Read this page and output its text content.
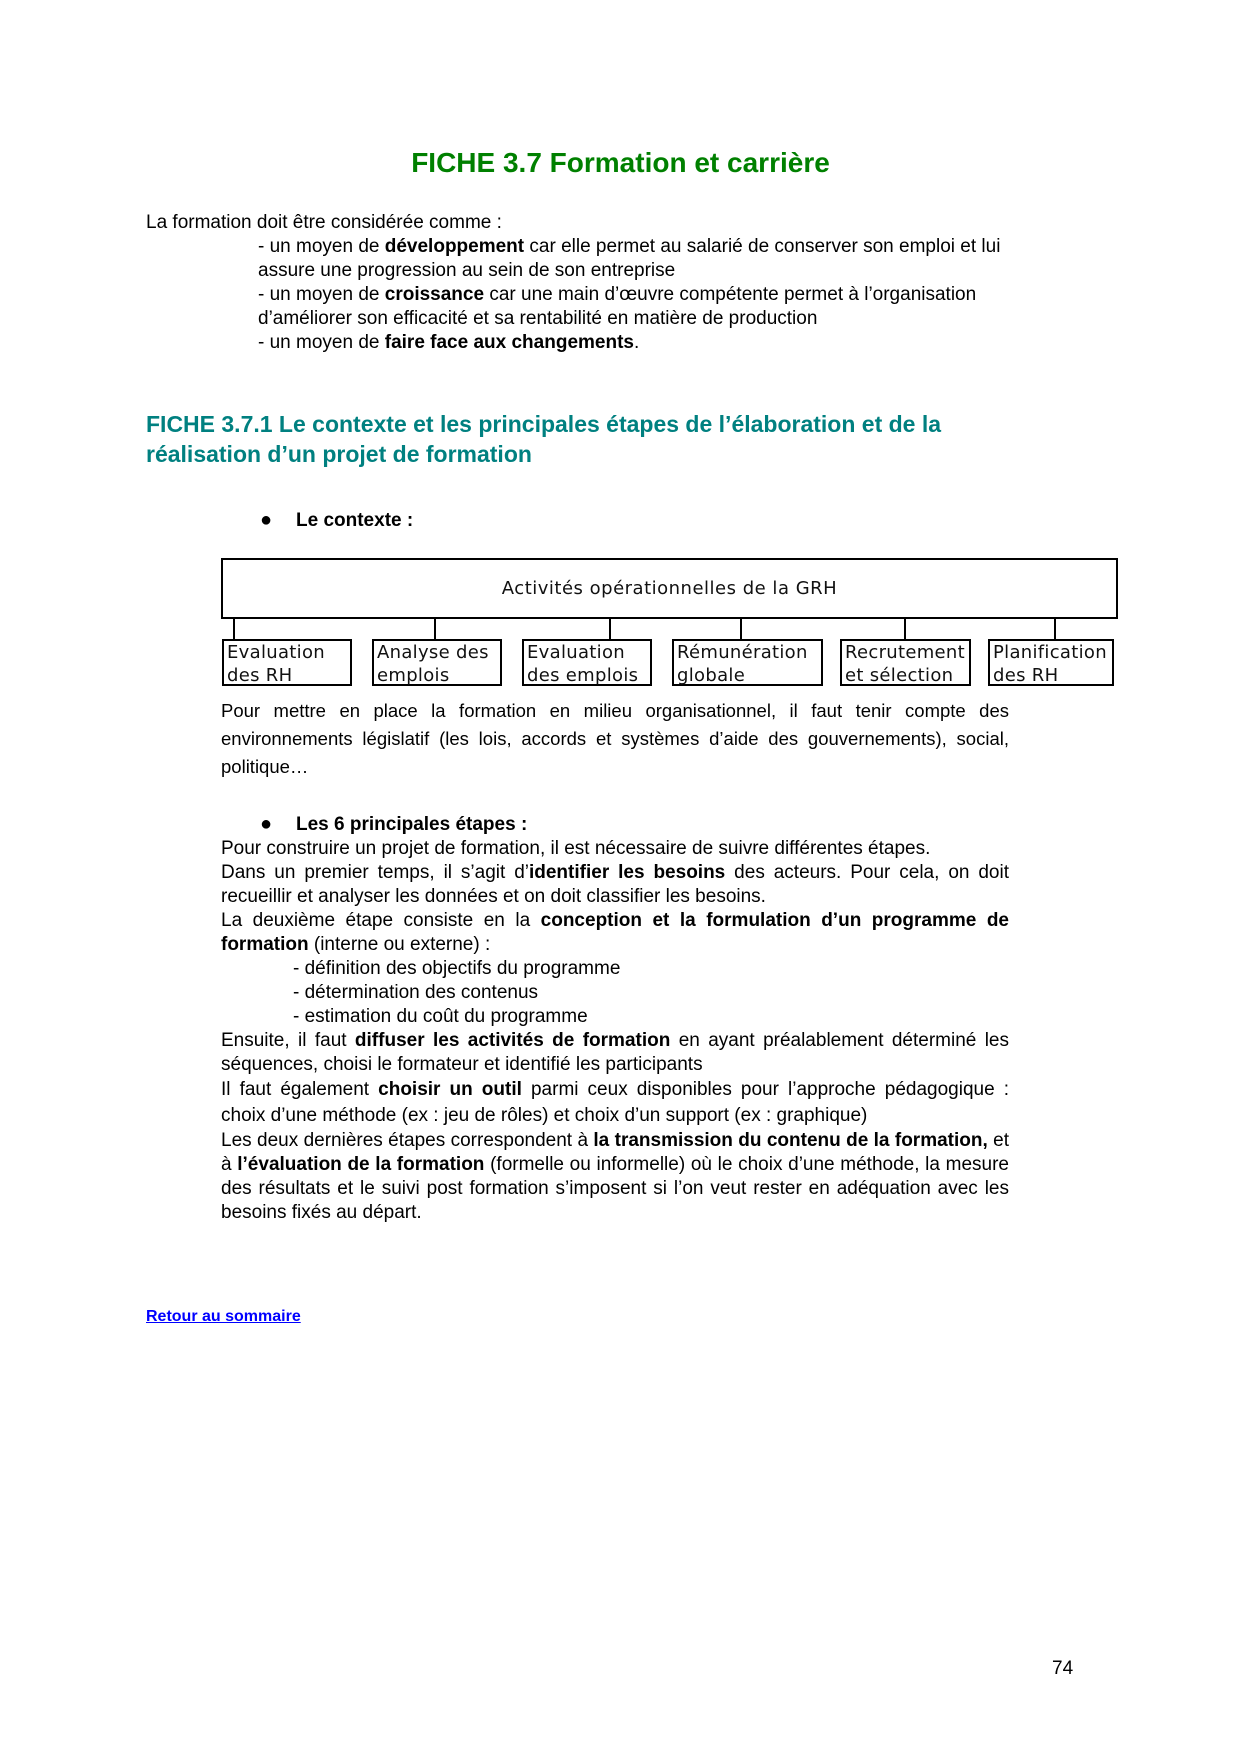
FICHE 3.7 Formation et carrière
La formation doit être considérée comme :

- un moyen de développement car elle permet au salarié de conserver son emploi et lui assure une progression au sein de son entreprise

- un moyen de croissance car une main d’œuvre compétente permet à l’organisation d’améliorer son efficacité et sa rentabilité en matière de production

- un moyen de faire face aux changements.

FICHE 3.7.1 Le contexte et les principales étapes de l’élaboration et de la réalisation d’un projet de formation
● Le contexte :
Activités opérationnelles de la GRH
Evaluation
des RH
Analyse des
emplois
Evaluation
des emplois
Rémunération
globale
Recrutement
et sélection
Planification
des RH
Pour mettre en place la formation en milieu organisationnel, il faut tenir compte des environnements législatif (les lois, accords et systèmes d’aide des gouvernements), social, politique…
● Les 6 principales étapes :

Pour construire un projet de formation, il est nécessaire de suivre différentes étapes.

Dans un premier temps, il s’agit d’identifier les besoins des acteurs. Pour cela, on doit recueillir et analyser les données et on doit classifier les besoins.

La deuxième étape consiste en la conception et la formulation d’un programme de formation (interne ou externe) :

- définition des objectifs du programme

- détermination des contenus

- estimation du coût du programme

Ensuite, il faut diffuser les activités de formation en ayant préalablement déterminé les séquences, choisi le formateur et identifié les participants

Il faut également choisir un outil parmi ceux disponibles pour l’approche pédagogique : choix d’une méthode (ex : jeu de rôles) et choix d’un support (ex : graphique)

Les deux dernières étapes correspondent à la transmission du contenu de la formation, et à l’évaluation de la formation (formelle ou informelle) où le choix d’une méthode, la mesure des résultats et le suivi post formation s’imposent si l’on veut rester en adéquation avec les besoins fixés au départ.

Retour au sommaire
74
